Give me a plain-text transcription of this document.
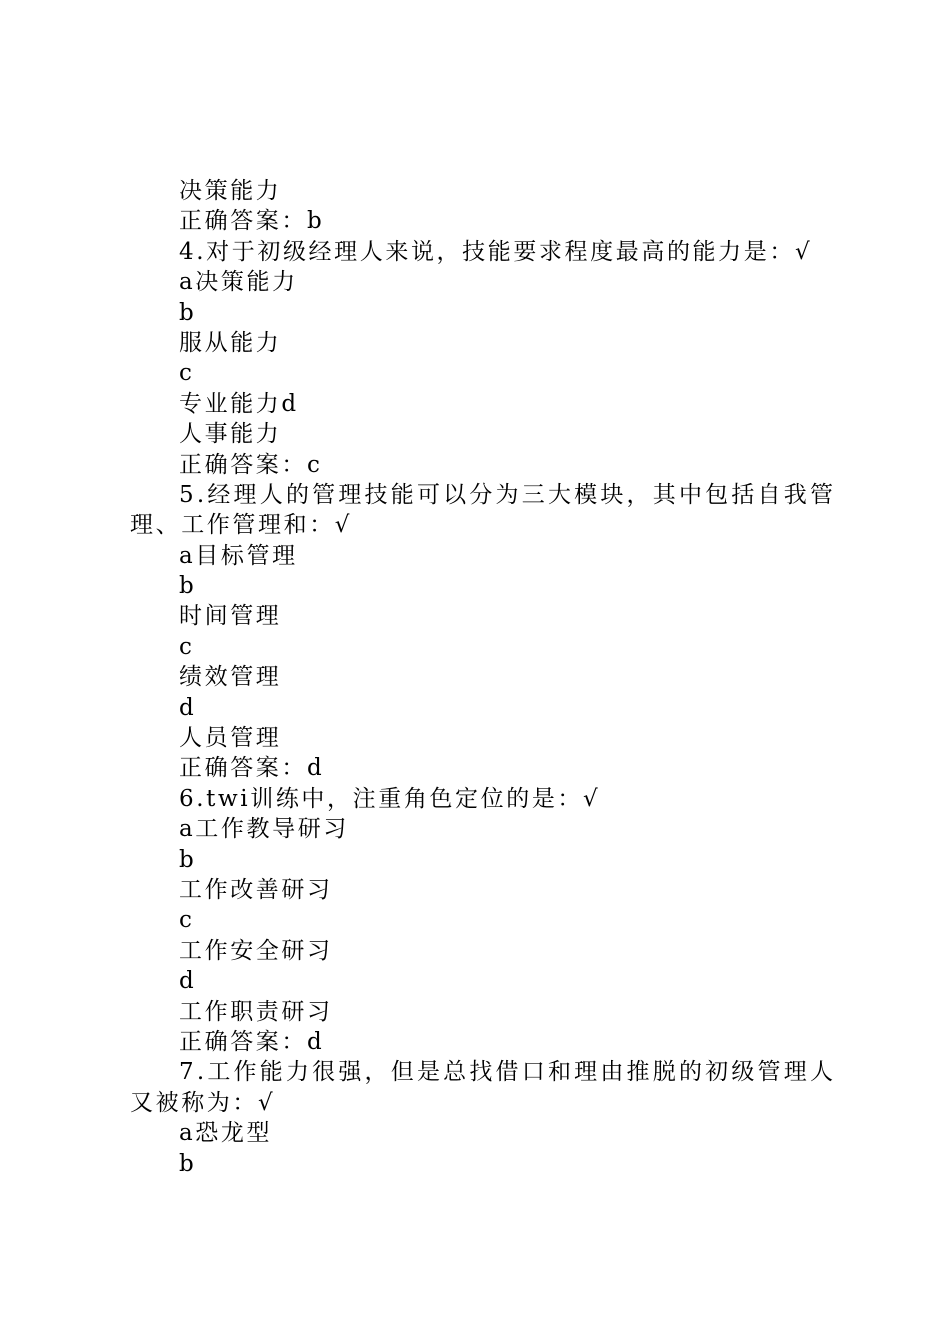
决策能力
正确答案：b
4.对于初级经理人来说，技能要求程度最高的能力是：√
a决策能力
b
服从能力
c
专业能力d
人事能力
正确答案：c
5.经理人的管理技能可以分为三大模块，其中包括自我管
理、工作管理和：√
a目标管理
b
时间管理
c
绩效管理
d
人员管理
正确答案：d
6.twi训练中，注重角色定位的是：√
a工作教导研习
b
工作改善研习
c
工作安全研习
d
工作职责研习
正确答案：d
7.工作能力很强，但是总找借口和理由推脱的初级管理人
又被称为：√
a恐龙型
b
